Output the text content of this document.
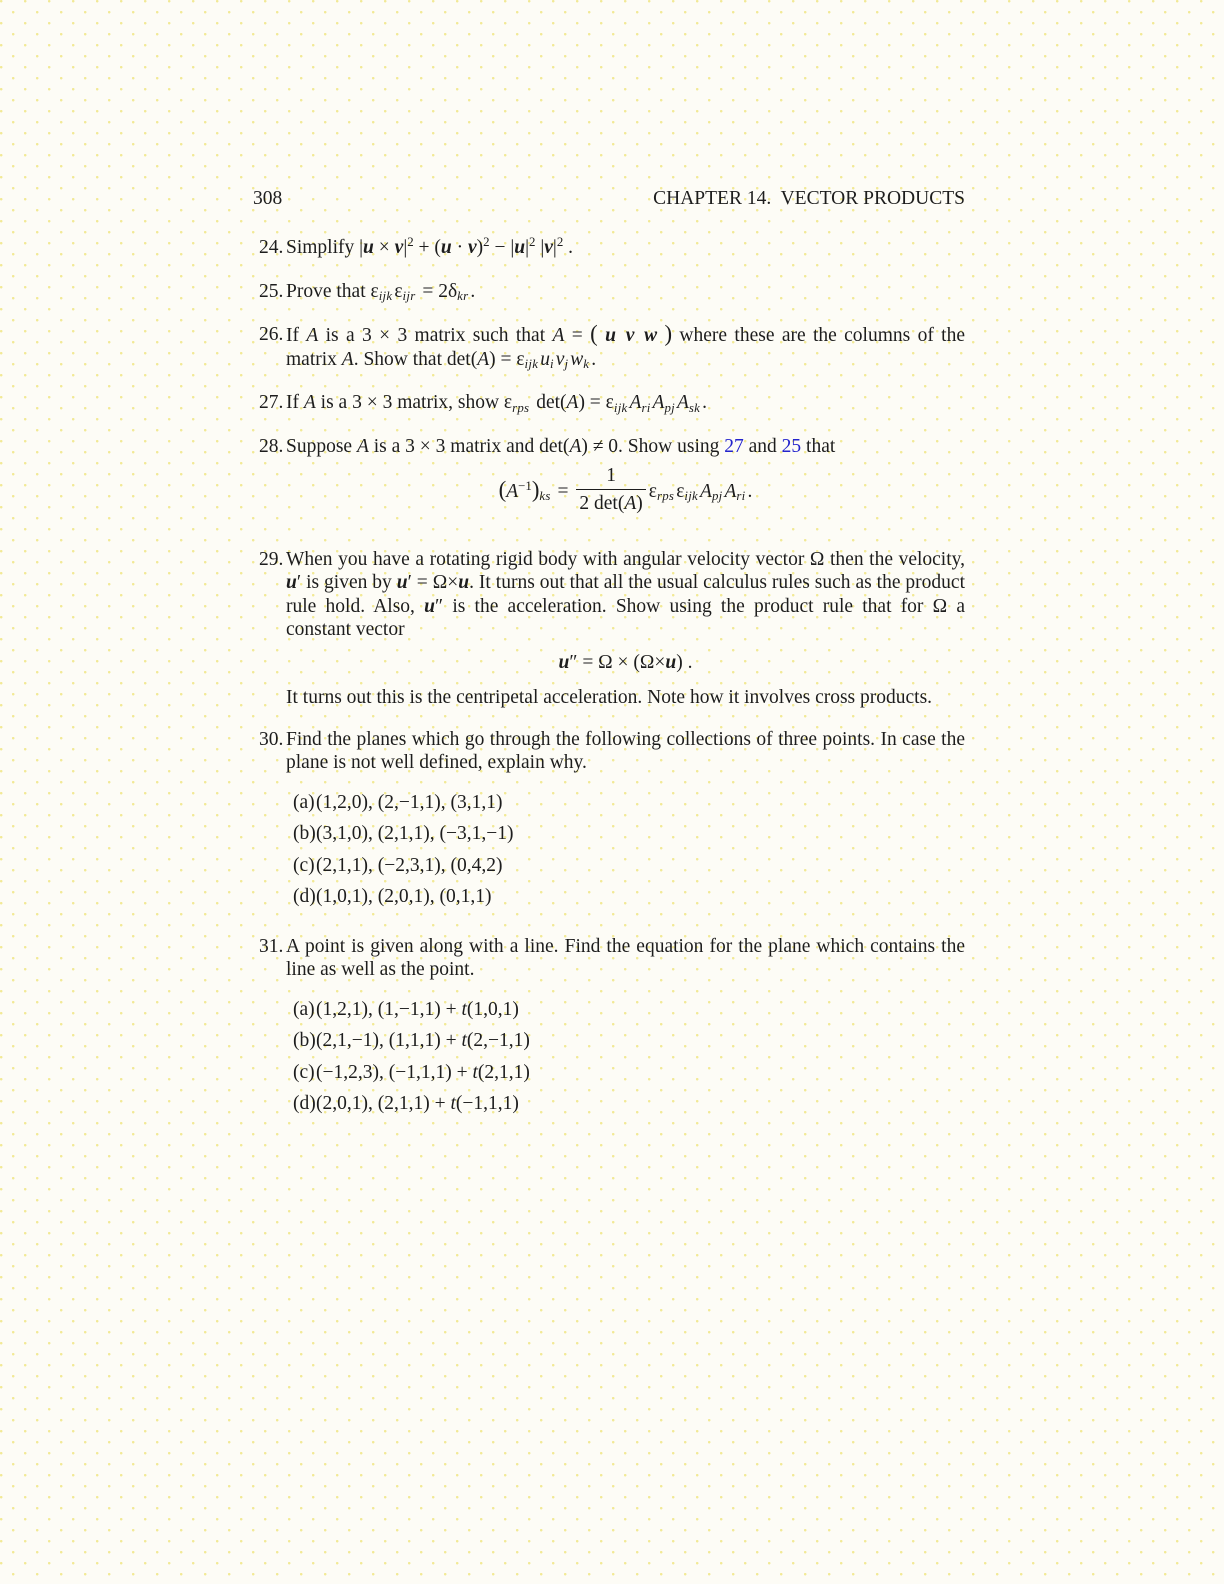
308	CHAPTER 14.  VECTOR PRODUCTS
24. Simplify $|u \times v|^2 + (u \cdot v)^2 - |u|^2$ $|v|^2$ .
25. Prove that εijk εijr = 2δkr .
26. If A is a 3 × 3 matrix such that A = ( u  v  w ) where these are the columns of the matrix A. Show that det(A) = εijk ui vj wk .
27. If A is a 3 × 3 matrix, show εrps det(A) = εijk Ari Apj Ask .
28. Suppose A is a 3 × 3 matrix and det(A) ≠ 0. Show using 27 and 25 that
$(A^{-1})ks = \frac{1}{2 \det(A)}$ εrps εijk Apj Ari .
29. When you have a rotating rigid body with angular velocity vector Ω then the velocity, u′ is given by u′ = Ω×u. It turns out that all the usual calculus rules such as the product rule hold. Also, u″ is the acceleration. Show using the product rule that for Ω a constant vector
u″ = Ω × (Ω×u) .
It turns out this is the centripetal acceleration. Note how it involves cross products.
30. Find the planes which go through the following collections of three points. In case the plane is not well defined, explain why.
(a) (1,2,0), (2,−1,1), (3,1,1)
(b) (3,1,0), (2,1,1), (−3,1,−1)
(c) (2,1,1), (−2,3,1), (0,4,2)
(d) (1,0,1), (2,0,1), (0,1,1)
31. A point is given along with a line. Find the equation for the plane which contains the line as well as the point.
(a) (1,2,1), (1,−1,1) + t(1,0,1)
(b) (2,1,−1), (1,1,1) + t(2,−1,1)
(c) (−1,2,3), (−1,1,1) + t(2,1,1)
(d) (2,0,1), (2,1,1) + t(−1,1,1)
